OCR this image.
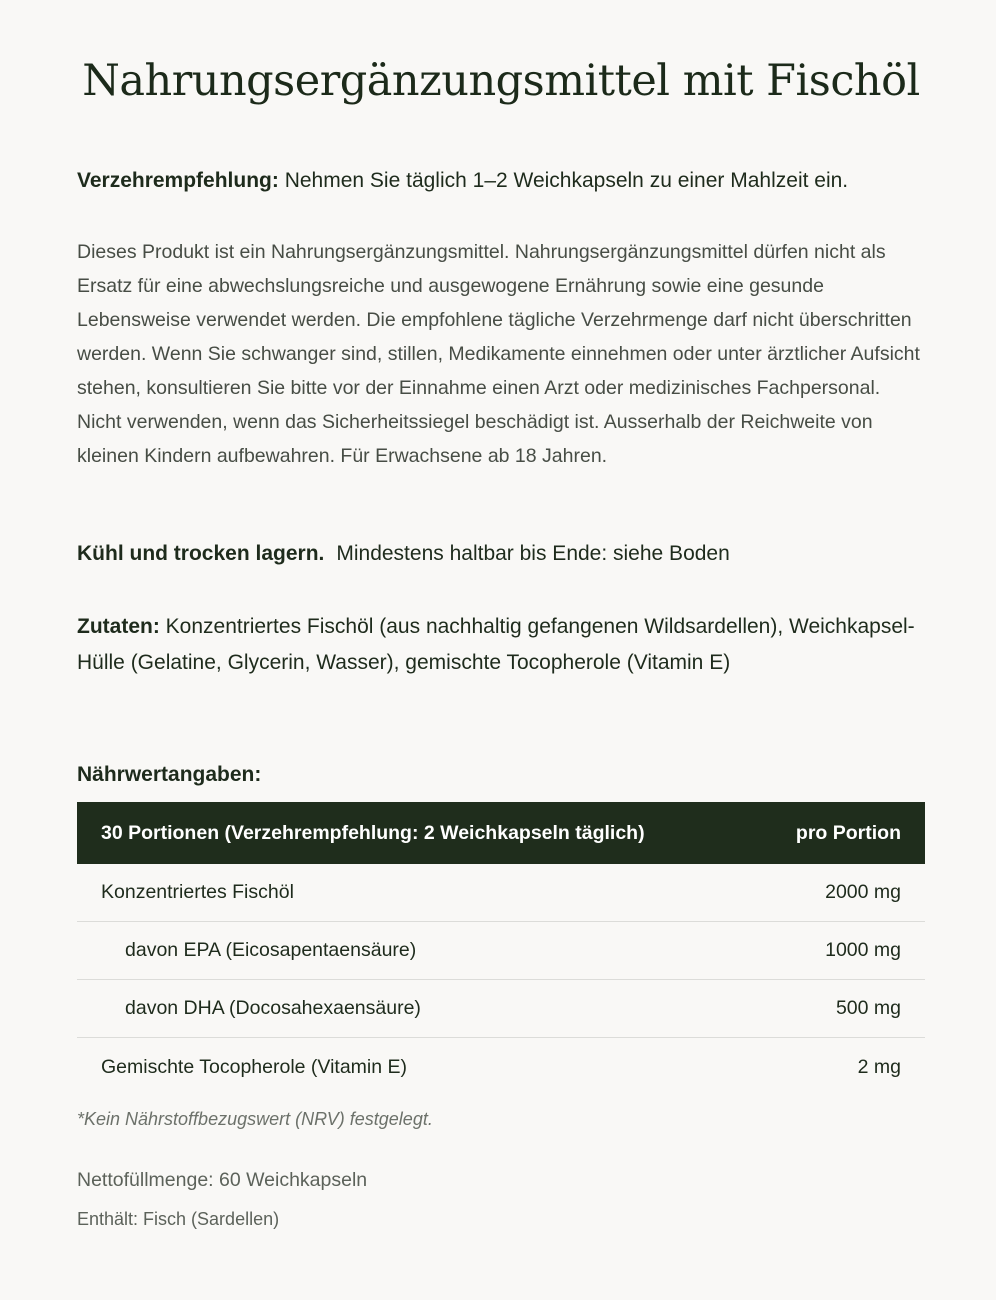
Nahrungsergänzungsmittel mit Fischöl

Verzehrempfehlung: Nehmen Sie täglich 1–2 Weichkapseln zu einer Mahlzeit ein.

Dieses Produkt ist ein Nahrungsergänzungsmittel. Nahrungsergänzungsmittel dürfen nicht als Ersatz für eine abwechslungsreiche und ausgewogene Ernährung sowie eine gesunde Lebensweise verwendet werden. Die empfohlene tägliche Verzehrmenge darf nicht überschritten werden. Wenn Sie schwanger sind, stillen, Medikamente einnehmen oder unter ärztlicher Aufsicht stehen, konsultieren Sie bitte vor der Einnahme einen Arzt oder medizinisches Fachpersonal. Nicht verwenden, wenn das Sicherheitssiegel beschädigt ist. Ausserhalb der Reichweite von kleinen Kindern aufbewahren. Für Erwachsene ab 18 Jahren.

Kühl und trocken lagern. Mindestens haltbar bis Ende: siehe Boden

Zutaten: Konzentriertes Fischöl (aus nachhaltig gefangenen Wildsardellen), Weichkapsel-Hülle (Gelatine, Glycerin, Wasser), gemischte Tocopherole (Vitamin E)

Nährwertangaben:

30 Portionen (Verzehrempfehlung: 2 Weichkapseln täglich)	pro Portion
Konzentriertes Fischöl	2000 mg
davon EPA (Eicosapentaensäure)	1000 mg
davon DHA (Docosahexaensäure)	500 mg
Gemischte Tocopherole (Vitamin E)	2 mg

*Kein Nährstoffbezugswert (NRV) festgelegt.

Nettofüllmenge: 60 Weichkapseln

Enthält: Fisch (Sardellen)
